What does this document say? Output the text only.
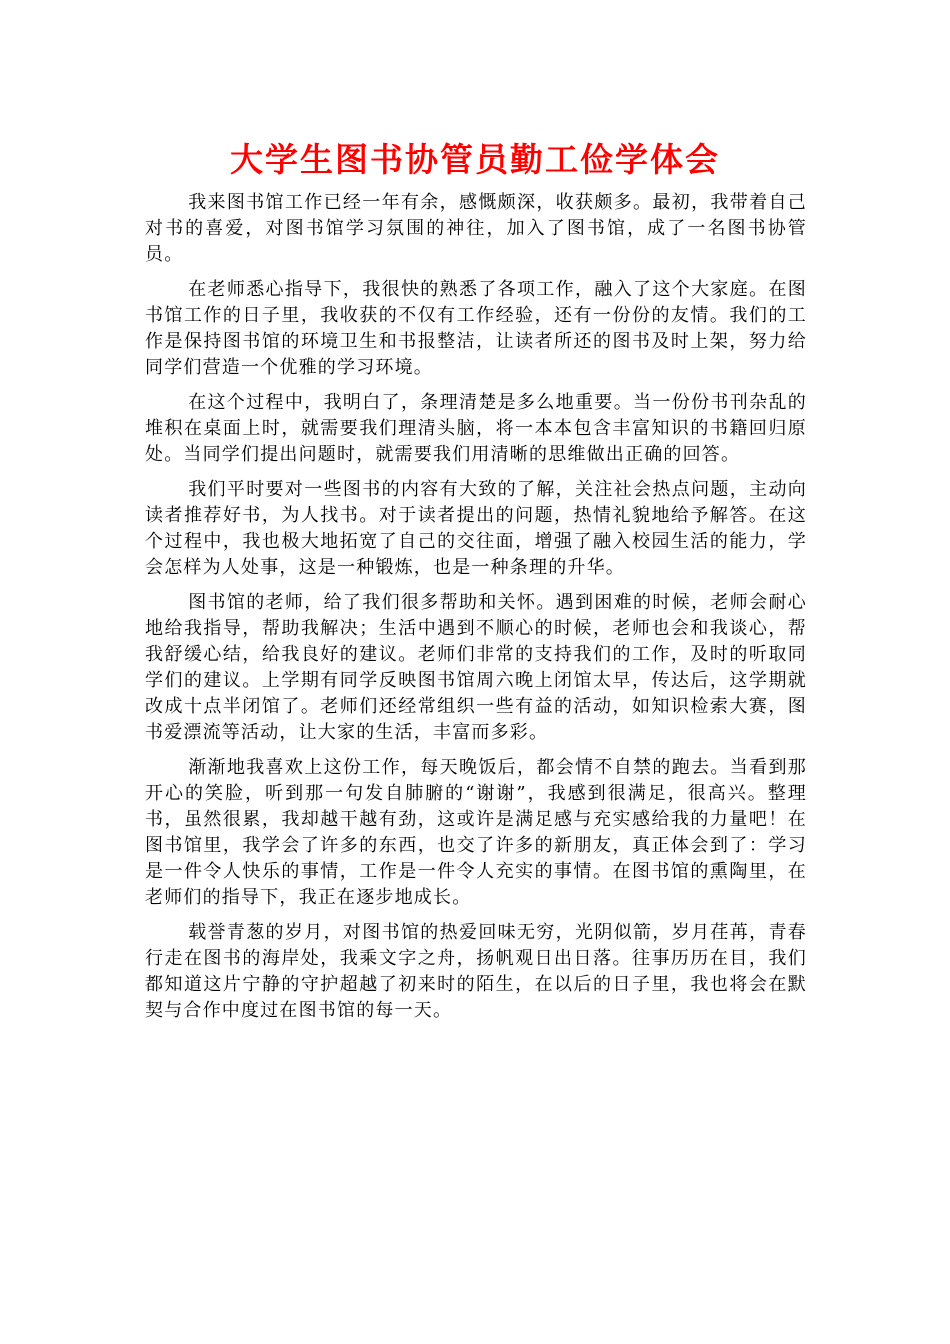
大学生图书协管员勤工俭学体会

我来图书馆工作已经一年有余，感慨颇深，收获颇多。最初，我带着自己对书的喜爱，对图书馆学习氛围的神往，加入了图书馆，成了一名图书协管员。

在老师悉心指导下，我很快的熟悉了各项工作，融入了这个大家庭。在图书馆工作的日子里，我收获的不仅有工作经验，还有一份份的友情。我们的工作是保持图书馆的环境卫生和书报整洁，让读者所还的图书及时上架，努力给同学们营造一个优雅的学习环境。

在这个过程中，我明白了，条理清楚是多么地重要。当一份份书刊杂乱的堆积在桌面上时，就需要我们理清头脑，将一本本包含丰富知识的书籍回归原处。当同学们提出问题时，就需要我们用清晰的思维做出正确的回答。

我们平时要对一些图书的内容有大致的了解，关注社会热点问题，主动向读者推荐好书，为人找书。对于读者提出的问题，热情礼貌地给予解答。在这个过程中，我也极大地拓宽了自己的交往面，增强了融入校园生活的能力，学会怎样为人处事，这是一种锻炼，也是一种条理的升华。

图书馆的老师，给了我们很多帮助和关怀。遇到困难的时候，老师会耐心地给我指导，帮助我解决；生活中遇到不顺心的时候，老师也会和我谈心，帮我舒缓心结，给我良好的建议。老师们非常的支持我们的工作，及时的听取同学们的建议。上学期有同学反映图书馆周六晚上闭馆太早，传达后，这学期就改成十点半闭馆了。老师们还经常组织一些有益的活动，如知识检索大赛，图书爱漂流等活动，让大家的生活，丰富而多彩。

渐渐地我喜欢上这份工作，每天晚饭后，都会情不自禁的跑去。当看到那开心的笑脸，听到那一句发自肺腑的“谢谢”，我感到很满足，很高兴。整理书，虽然很累，我却越干越有劲，这或许是满足感与充实感给我的力量吧！在图书馆里，我学会了许多的东西，也交了许多的新朋友，真正体会到了：学习是一件令人快乐的事情，工作是一件令人充实的事情。在图书馆的熏陶里，在老师们的指导下，我正在逐步地成长。

载誉青葱的岁月，对图书馆的热爱回味无穷，光阴似箭，岁月荏苒，青春行走在图书的海岸处，我乘文字之舟，扬帆观日出日落。往事历历在目，我们都知道这片宁静的守护超越了初来时的陌生，在以后的日子里，我也将会在默契与合作中度过在图书馆的每一天。
